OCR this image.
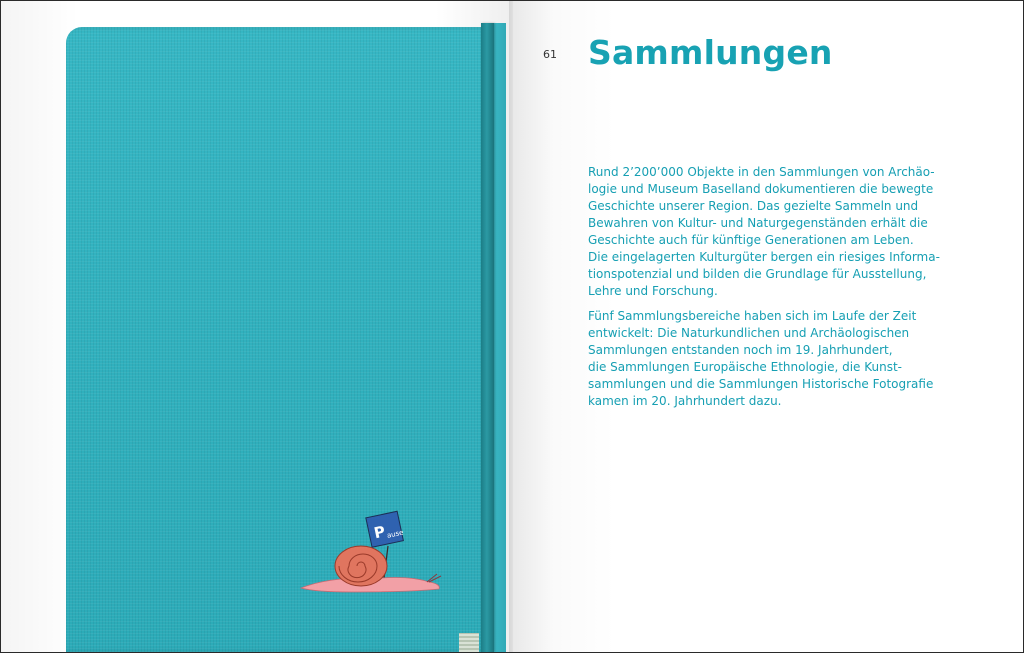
P ause
61 Sammlungen

Rund 2’200’000 Objekte in den Sammlungen von Archäo-
logie und Museum Baselland dokumentieren die bewegte
Geschichte unserer Region. Das gezielte Sammeln und
Bewahren von Kultur- und Naturgegenständen erhält die
Geschichte auch für künftige Generationen am Leben.
Die eingelagerten Kulturgüter bergen ein riesiges Informa-
tionspotenzial und bilden die Grundlage für Ausstellung,
Lehre und Forschung.

Fünf Sammlungsbereiche haben sich im Laufe der Zeit
entwickelt: Die Naturkundlichen und Archäologischen
Sammlungen entstanden noch im 19. Jahrhundert,
die Sammlungen Europäische Ethnologie, die Kunst-
sammlungen und die Sammlungen Historische Fotografie
kamen im 20. Jahrhundert dazu.
